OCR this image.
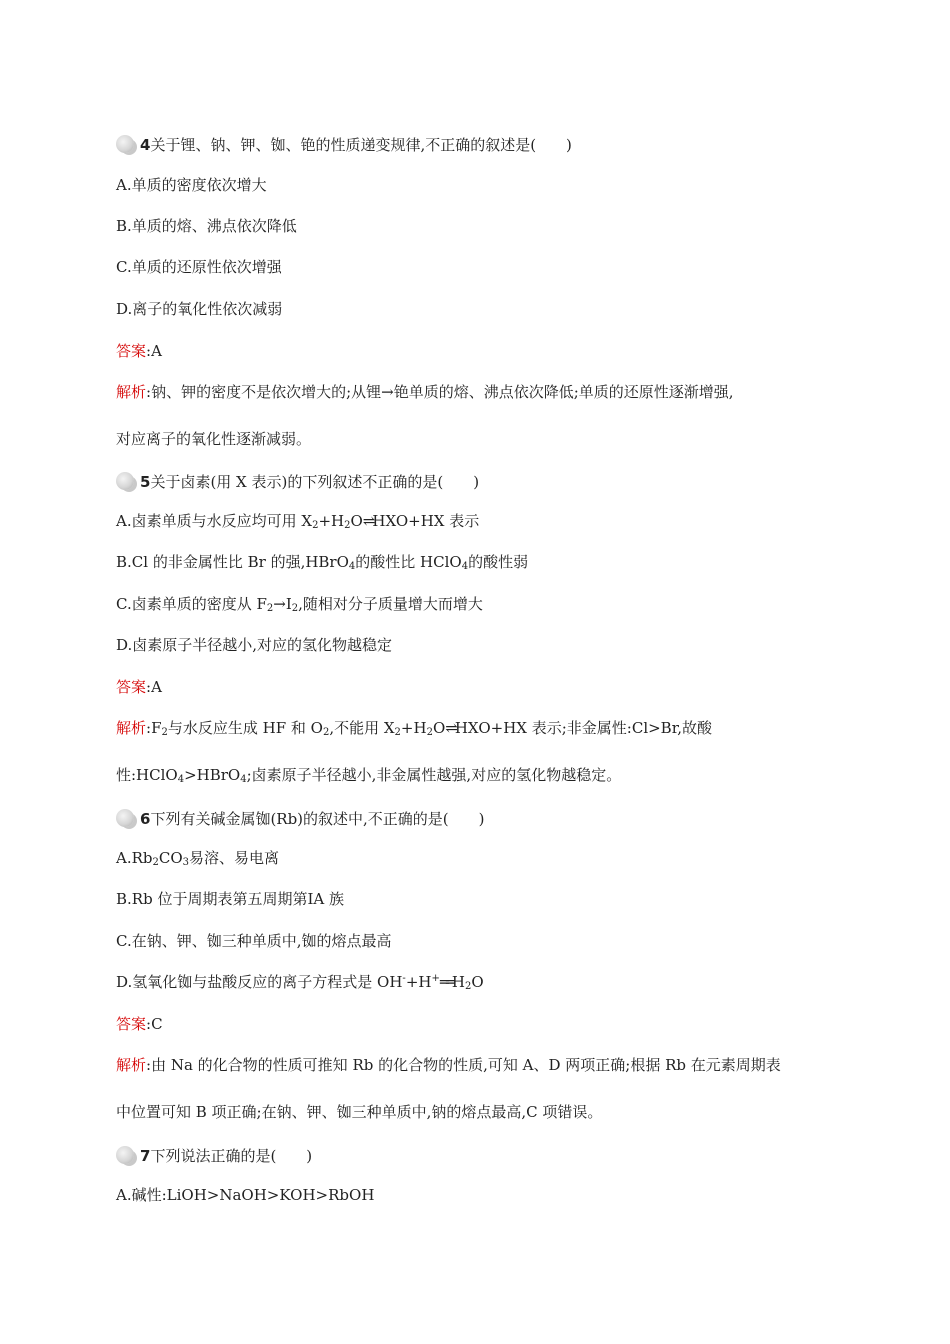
4关于锂、钠、钾、铷、铯的性质递变规律,不正确的叙述是(　　)
A.单质的密度依次增大
B.单质的熔、沸点依次降低
C.单质的还原性依次增强
D.离子的氧化性依次减弱
答案:A
解析:钠、钾的密度不是依次增大的;从锂→铯单质的熔、沸点依次降低;单质的还原性逐渐增强,
对应离子的氧化性逐渐减弱。
5关于卤素(用 X 表示)的下列叙述不正确的是(　　)
A.卤素单质与水反应均可用 $X_2+H_2O\rightleftharpoons HXO+HX$ 表示
B.Cl 的非金属性比 Br 的强,HBrO$_4$的酸性比 HClO$_4$的酸性弱
C.卤素单质的密度从 $F_2\to I_2$,随相对分子质量增大而增大
D.卤素原子半径越小,对应的氢化物越稳定
答案:A
解析$:F_2$与水反应生成 HF 和 $O_2$,不能用 $X_2+H_2O\rightleftharpoons HXO+HX$ 表示;非金属性:Cl>Br,故酸
性:HClO$_4$>HBrO$_4$;卤素原子半径越小,非金属性越强,对应的氢化物越稳定。
6下列有关碱金属铷(Rb)的叙述中,不正确的是(　　)
$A.Rb_2CO_3$易溶、易电离
B.Rb 位于周期表第五周期第ⅠA 族
C.在钠、钾、铷三种单质中,铷的熔点最高
D.氢氧化铷与盐酸反应的离子方程式是 $OH^-+H^+══H_2O$
答案:C
解析:由 Na 的化合物的性质可推知 Rb 的化合物的性质,可知 A、D 两项正确;根据 Rb 在元素周期表
中位置可知 B 项正确;在钠、钾、铷三种单质中,钠的熔点最高,C 项错误。
7下列说法正确的是(　　)
A.碱性:LiOH>NaOH>KOH>RbOH
